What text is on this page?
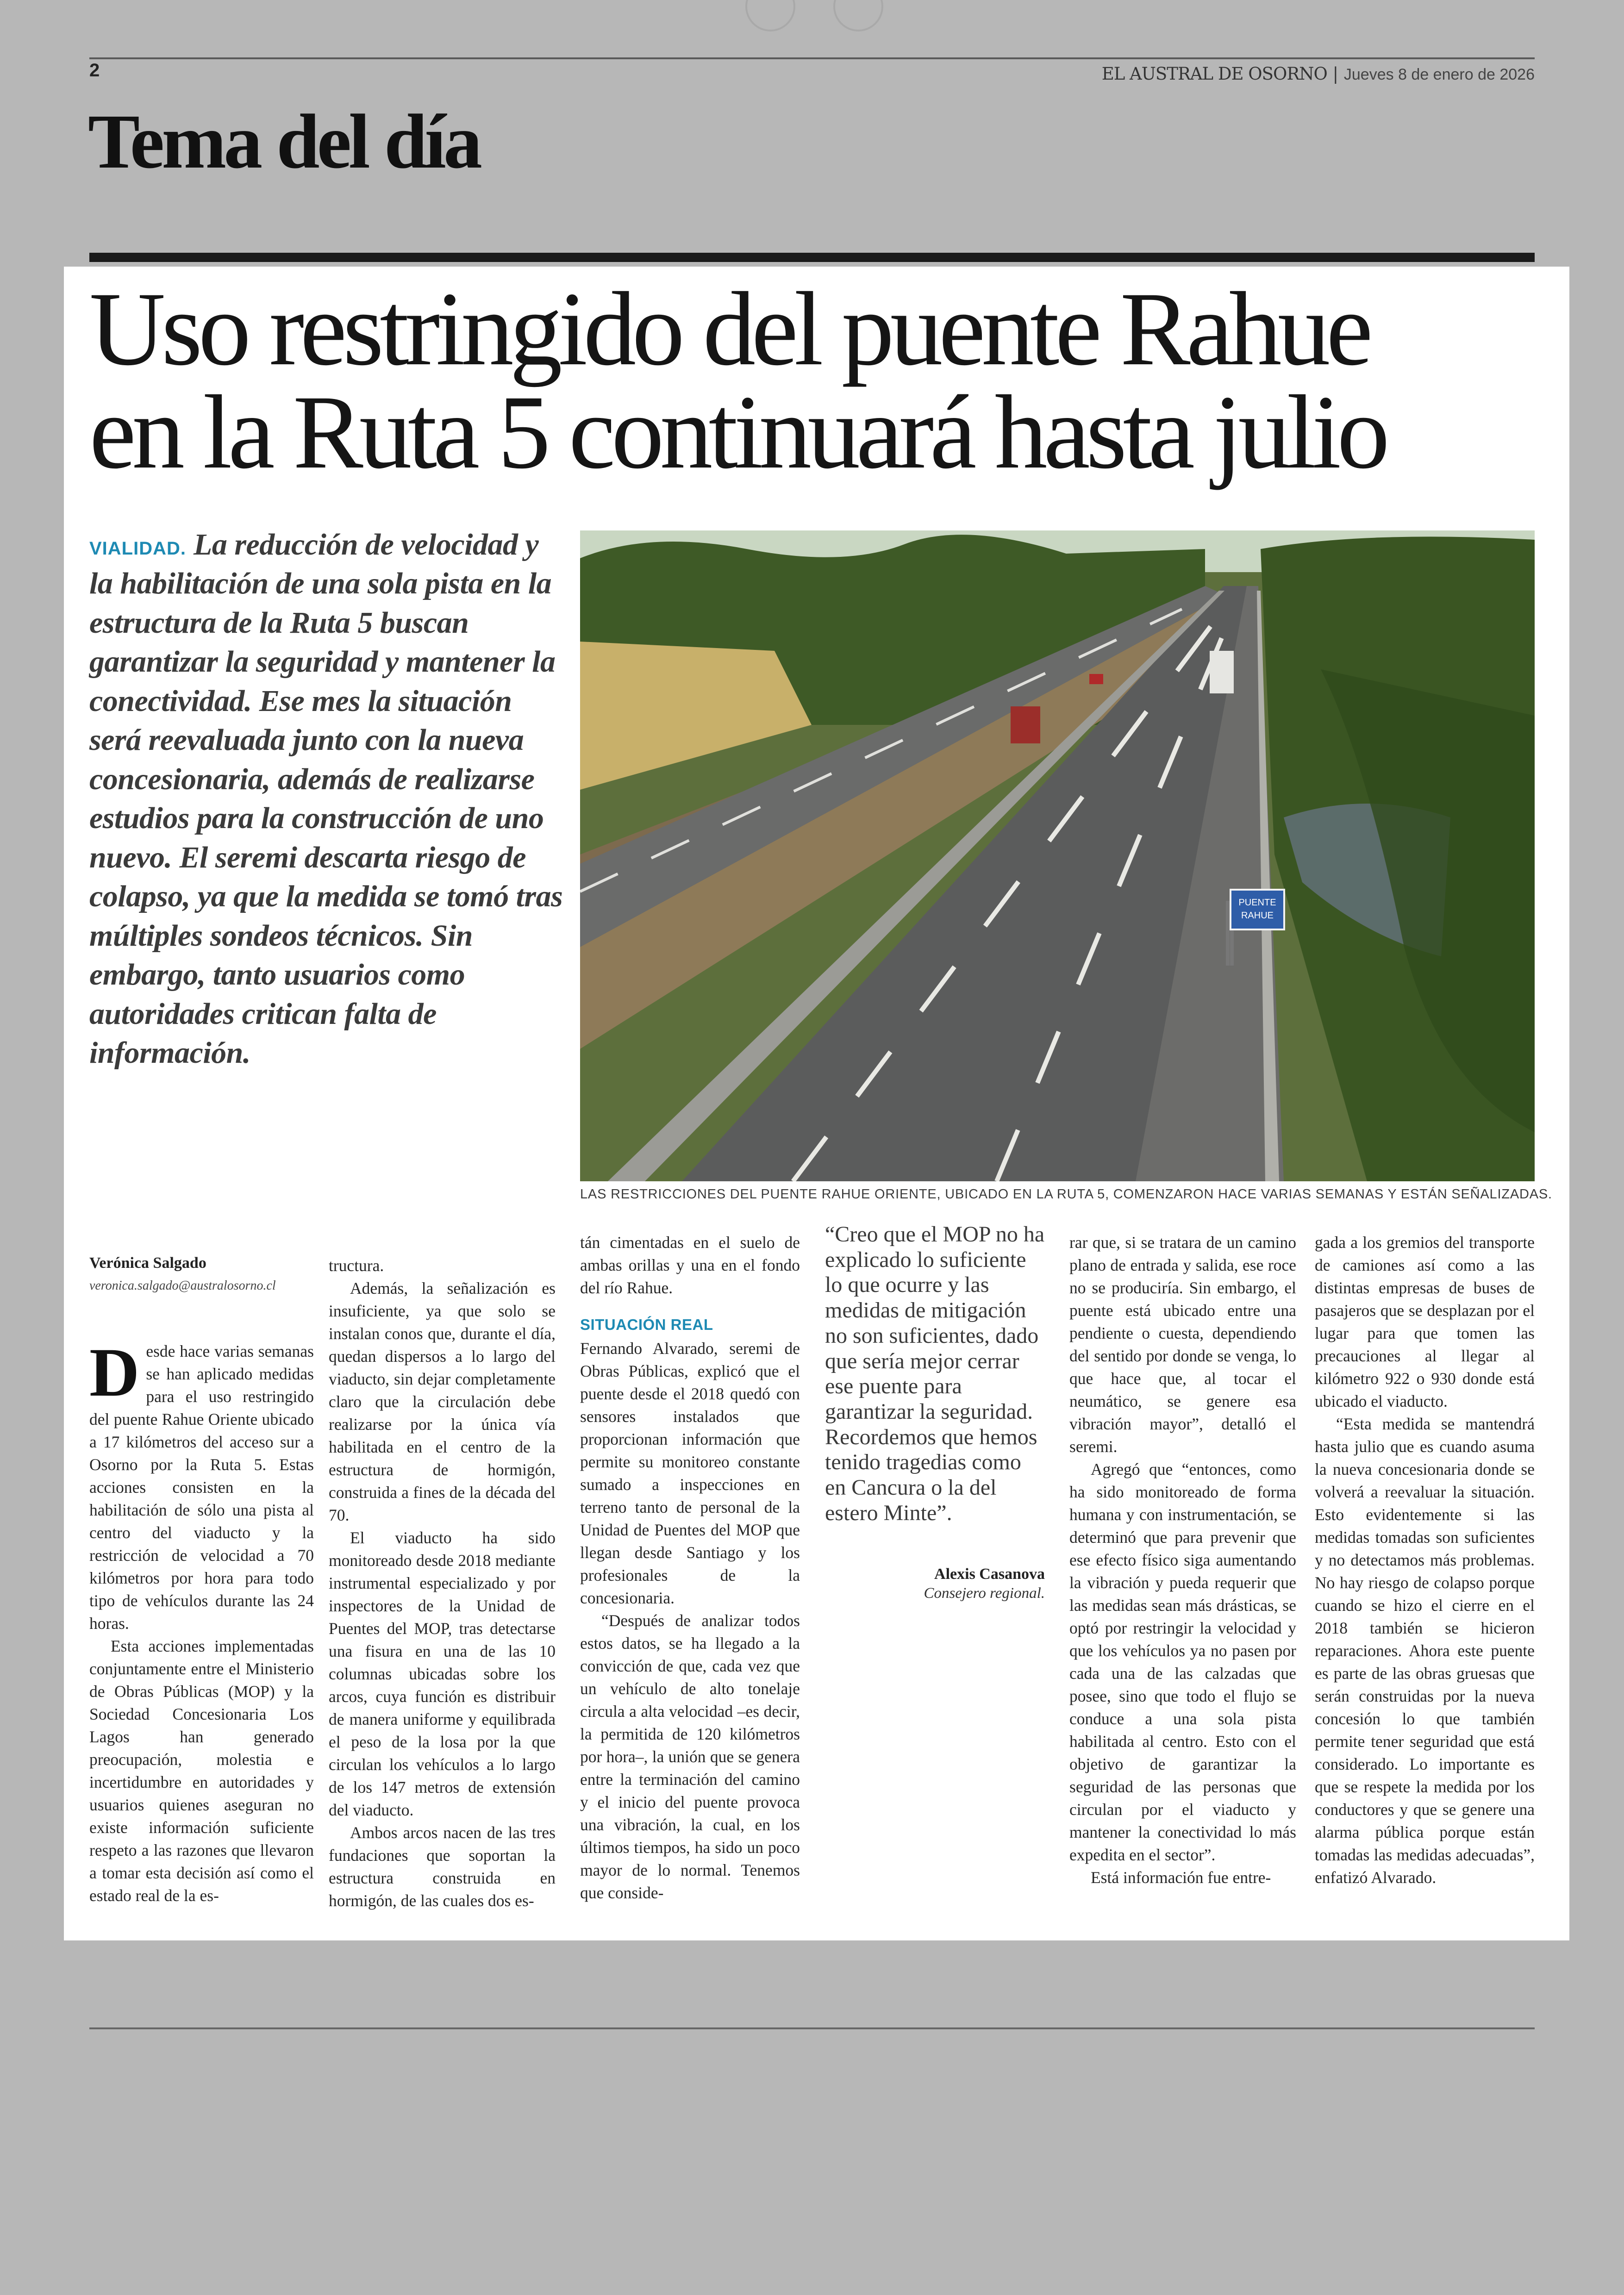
2	EL AUSTRAL DE OSORNO | Jueves 8 de enero de 2026
Tema del día
Uso restringido del puente Rahue
en la Ruta 5 continuará hasta julio

VIALIDAD. La reducción de velocidad y la habilitación de una sola pista en la estructura de la Ruta 5 buscan garantizar la seguridad y mantener la conectividad. Ese mes la situación será reevaluada junto con la nueva concesionaria, además de realizarse estudios para la construcción de uno nuevo. El seremi descarta riesgo de colapso, ya que la medida se tomó tras múltiples sondeos técnicos. Sin embargo, tanto usuarios como autoridades critican falta de información.

PUENTE
RAHUE

LAS RESTRICCIONES DEL PUENTE RAHUE ORIENTE, UBICADO EN LA RUTA 5, COMENZARON HACE VARIAS SEMANAS Y ESTÁN SEÑALIZADAS.

Verónica Salgado
veronica.salgado@australosorno.cl

Desde hace varias semanas se han aplicado medidas para el uso restringido del puente Rahue Oriente ubicado a 17 kilómetros del acceso sur a Osorno por la Ruta 5. Estas acciones consisten en la habilitación de sólo una pista al centro del viaducto y la restricción de velocidad a 70 kilómetros por hora para todo tipo de vehículos durante las 24 horas.

Esta acciones implementadas conjuntamente entre el Ministerio de Obras Públicas (MOP) y la Sociedad Concesionaria Los Lagos han generado preocupación, molestia e incertidumbre en autoridades y usuarios quienes aseguran no existe información suficiente respeto a las razones que llevaron a tomar esta decisión así como el estado real de la es-

tructura.

Además, la señalización es insuficiente, ya que solo se instalan conos que, durante el día, quedan dispersos a lo largo del viaducto, sin dejar completamente claro que la circulación debe realizarse por la única vía habilitada en el centro de la estructura de hormigón, construida a fines de la década del 70.

El viaducto ha sido monitoreado desde 2018 mediante instrumental especializado y por inspectores de la Unidad de Puentes del MOP, tras detectarse una fisura en una de las 10 columnas ubicadas sobre los arcos, cuya función es distribuir de manera uniforme y equilibrada el peso de la losa por la que circulan los vehículos a lo largo de los 147 metros de extensión del viaducto.

Ambos arcos nacen de las tres fundaciones que soportan la estructura construida en hormigón, de las cuales dos es-

tán cimentadas en el suelo de ambas orillas y una en el fondo del río Rahue.

SITUACIÓN REAL

Fernando Alvarado, seremi de Obras Públicas, explicó que el puente desde el 2018 quedó con sensores instalados que proporcionan información que permite su monitoreo constante sumado a inspecciones en terreno tanto de personal de la Unidad de Puentes del MOP que llegan desde Santiago y los profesionales de la concesionaria.

“Después de analizar todos estos datos, se ha llegado a la convicción de que, cada vez que un vehículo de alto tonelaje circula a alta velocidad –es decir, la permitida de 120 kilómetros por hora–, la unión que se genera entre la terminación del camino y el inicio del puente provoca una vibración, la cual, en los últimos tiempos, ha sido un poco mayor de lo normal. Tenemos que conside-

“Creo que el MOP no ha explicado lo suficiente lo que ocurre y las medidas de mitigación no son suficientes, dado que sería mejor cerrar ese puente para garantizar la seguridad. Recordemos que hemos tenido tragedias como en Cancura o la del estero Minte”.

Alexis Casanova
Consejero regional.

rar que, si se tratara de un camino plano de entrada y salida, ese roce no se produciría. Sin embargo, el puente está ubicado entre una pendiente o cuesta, dependiendo del sentido por donde se venga, lo que hace que, al tocar el neumático, se genere esa vibración mayor”, detalló el seremi.

Agregó que “entonces, como ha sido monitoreado de forma humana y con instrumentación, se determinó que para prevenir que ese efecto físico siga aumentando la vibración y pueda requerir que las medidas sean más drásticas, se optó por restringir la velocidad y que los vehículos ya no pasen por cada una de las calzadas que posee, sino que todo el flujo se conduce a una sola pista habilitada al centro. Esto con el objetivo de garantizar la seguridad de las personas que circulan por el viaducto y mantener la conectividad lo más expedita en el sector”.

Está información fue entre-

gada a los gremios del transporte de camiones así como a las distintas empresas de buses de pasajeros que se desplazan por el lugar para que tomen las precauciones al llegar al kilómetro 922 o 930 donde está ubicado el viaducto.

“Esta medida se mantendrá hasta julio que es cuando asuma la nueva concesionaria donde se volverá a reevaluar la situación. Esto evidentemente si las medidas tomadas son suficientes y no detectamos más problemas. No hay riesgo de colapso porque cuando se hizo el cierre en el 2018 también se hicieron reparaciones. Ahora este puente es parte de las obras gruesas que serán construidas por la nueva concesión lo que también permite tener seguridad que está considerado. Lo importante es que se respete la medida por los conductores y que se genere una alarma pública porque están tomadas las medidas adecuadas”, enfatizó Alvarado.
